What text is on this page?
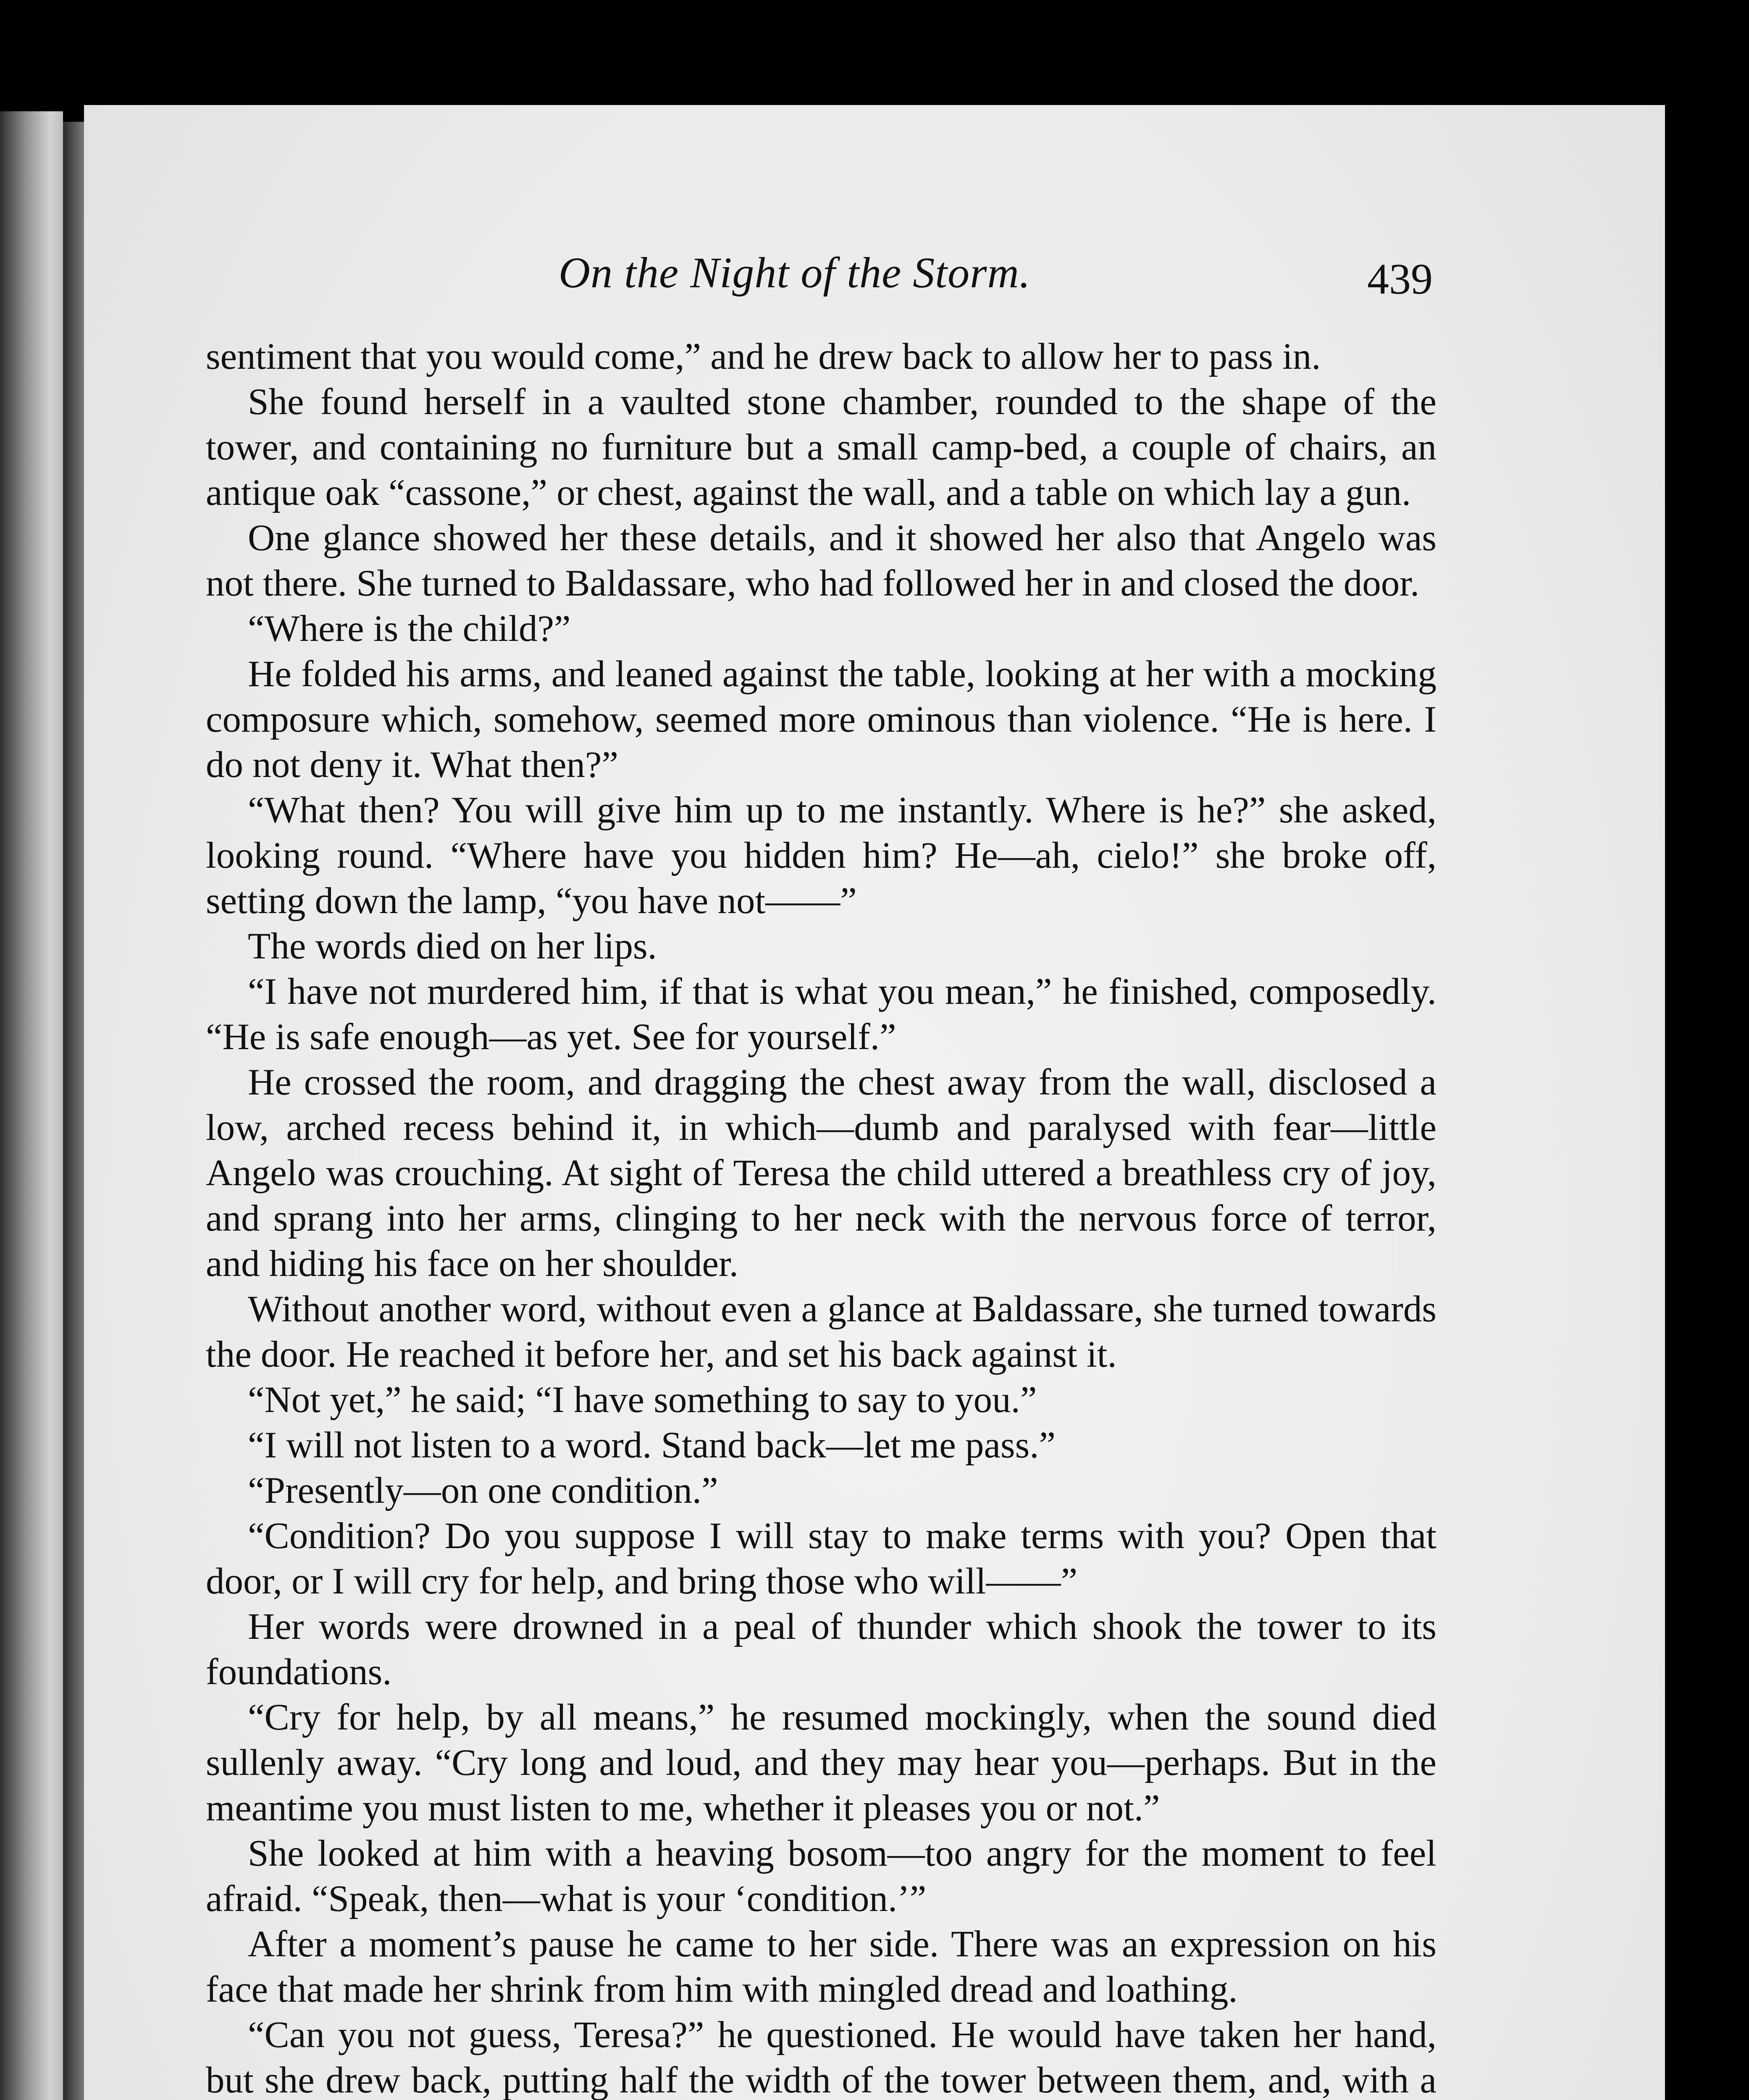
On the Night of the Storm.	439

sentiment that you would come,” and he drew back to allow her to pass in.

She found herself in a vaulted stone chamber, rounded to the shape of the tower, and containing no furniture but a small camp-bed, a couple of chairs, an antique oak “cassone,” or chest, against the wall, and a table on which lay a gun.

One glance showed her these details, and it showed her also that Angelo was not there. She turned to Baldassare, who had followed her in and closed the door.

“Where is the child?”

He folded his arms, and leaned against the table, looking at her with a mocking composure which, somehow, seemed more ominous than violence. “He is here. I do not deny it. What then?”

“What then? You will give him up to me instantly. Where is he?” she asked, looking round. “Where have you hidden him? He—ah, cielo!” she broke off, setting down the lamp, “you have not——”

The words died on her lips.

“I have not murdered him, if that is what you mean,” he finished, composedly. “He is safe enough—as yet. See for yourself.”

He crossed the room, and dragging the chest away from the wall, disclosed a low, arched recess behind it, in which—dumb and paralysed with fear—little Angelo was crouching. At sight of Teresa the child uttered a breathless cry of joy, and sprang into her arms, clinging to her neck with the nervous force of terror, and hiding his face on her shoulder.

Without another word, without even a glance at Baldassare, she turned towards the door. He reached it before her, and set his back against it.

“Not yet,” he said; “I have something to say to you.”

“I will not listen to a word. Stand back—let me pass.”

“Presently—on one condition.”

“Condition? Do you suppose I will stay to make terms with you? Open that door, or I will cry for help, and bring those who will——”

Her words were drowned in a peal of thunder which shook the tower to its foundations.

“Cry for help, by all means,” he resumed mockingly, when the sound died sullenly away. “Cry long and loud, and they may hear you—perhaps. But in the meantime you must listen to me, whether it pleases you or not.”

She looked at him with a heaving bosom—too angry for the moment to feel afraid. “Speak, then—what is your ‘condition.’”

After a moment’s pause he came to her side. There was an expression on his face that made her shrink from him with mingled dread and loathing.

“Can you not guess, Teresa?” he questioned. He would have taken her hand, but she drew back, putting half the width of the tower between them, and, with a
